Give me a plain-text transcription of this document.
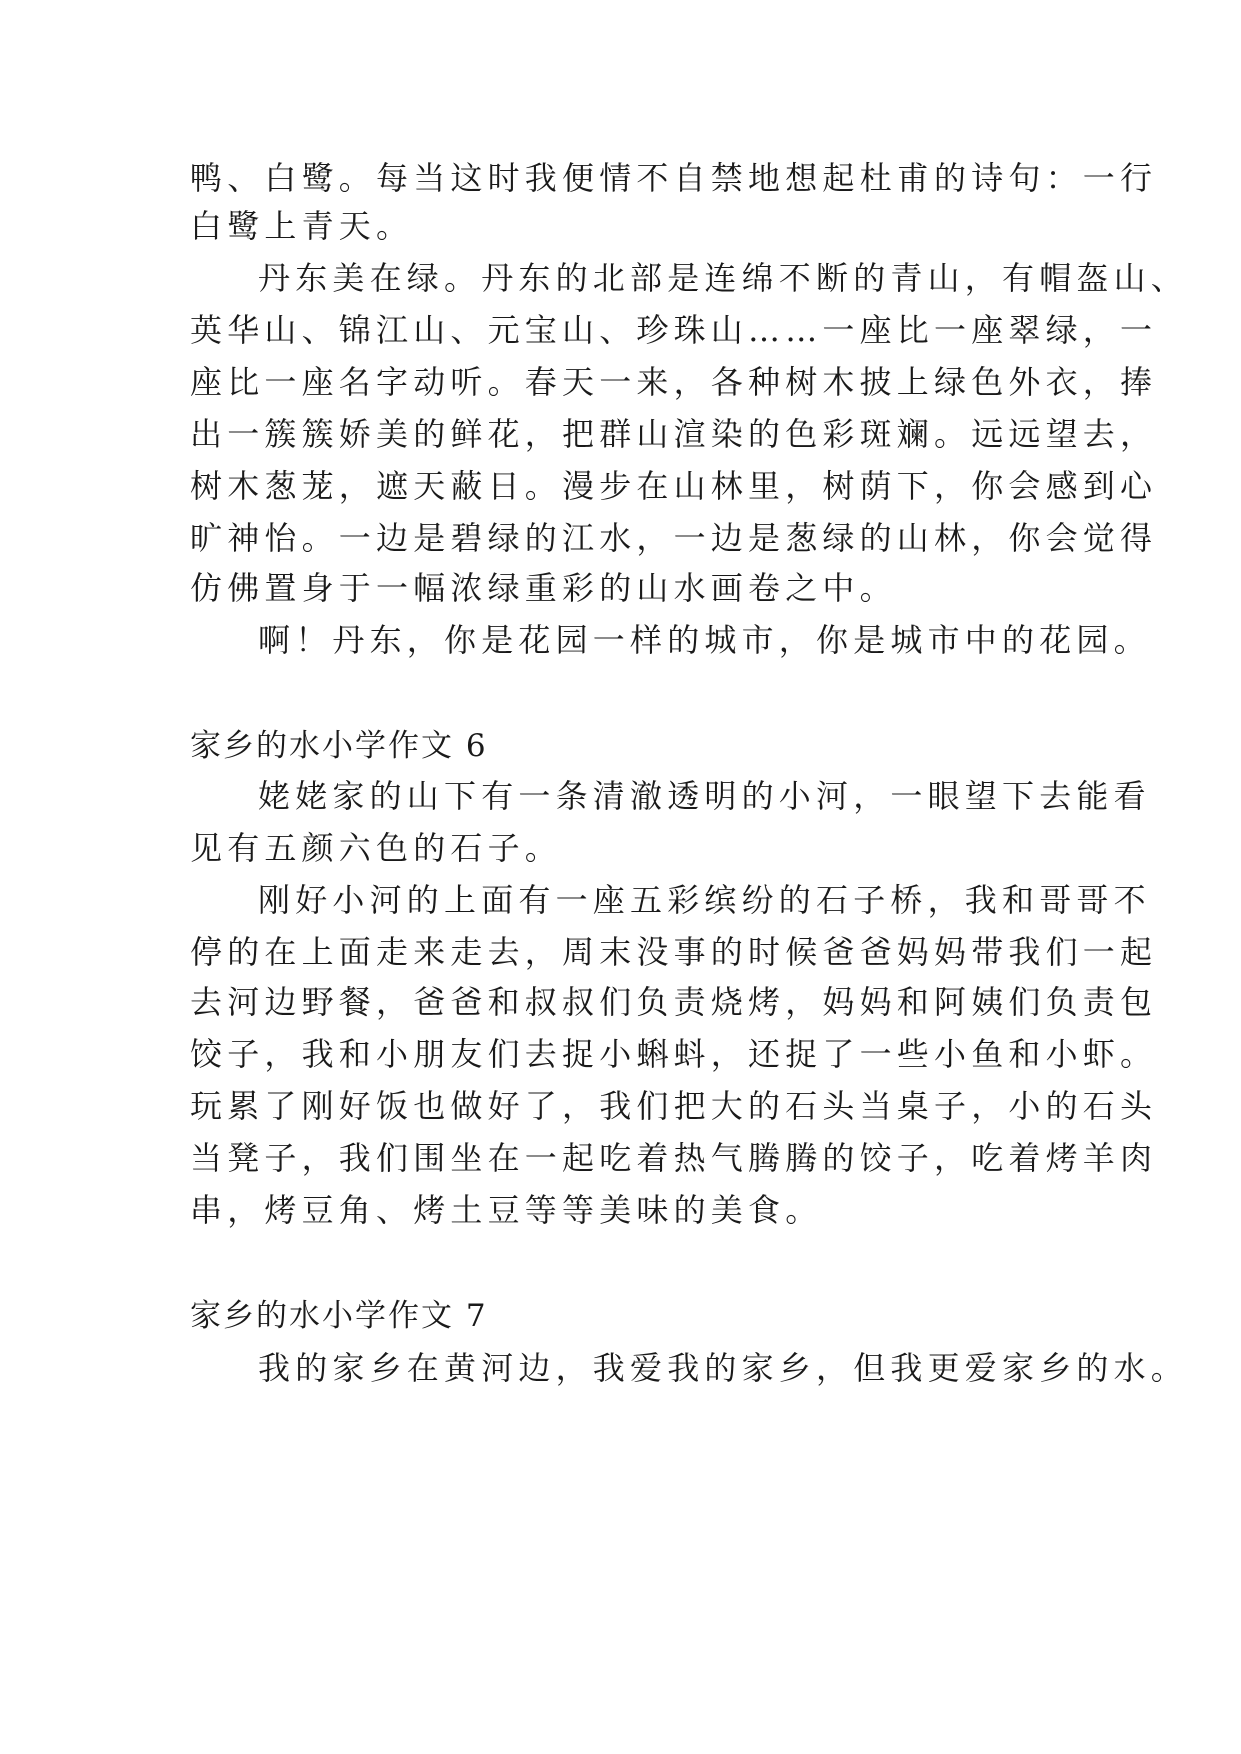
鸭、白鹭。每当这时我便情不自禁地想起杜甫的诗句：一行
白鹭上青天。
丹东美在绿。丹东的北部是连绵不断的青山，有帽盔山、
英华山、锦江山、元宝山、珍珠山……一座比一座翠绿，一
座比一座名字动听。春天一来，各种树木披上绿色外衣，捧
出一簇簇娇美的鲜花，把群山渲染的色彩斑斓。远远望去，
树木葱茏，遮天蔽日。漫步在山林里，树荫下，你会感到心
旷神怡。一边是碧绿的江水，一边是葱绿的山林，你会觉得
仿佛置身于一幅浓绿重彩的山水画卷之中。
啊！丹东，你是花园一样的城市，你是城市中的花园。
家乡的水小学作文 6
姥姥家的山下有一条清澈透明的小河，一眼望下去能看
见有五颜六色的石子。
刚好小河的上面有一座五彩缤纷的石子桥，我和哥哥不
停的在上面走来走去，周末没事的时候爸爸妈妈带我们一起
去河边野餐，爸爸和叔叔们负责烧烤，妈妈和阿姨们负责包
饺子，我和小朋友们去捉小蝌蚪，还捉了一些小鱼和小虾。
玩累了刚好饭也做好了，我们把大的石头当桌子，小的石头
当凳子，我们围坐在一起吃着热气腾腾的饺子，吃着烤羊肉
串，烤豆角、烤土豆等等美味的美食。
家乡的水小学作文 7
我的家乡在黄河边，我爱我的家乡，但我更爱家乡的水。
